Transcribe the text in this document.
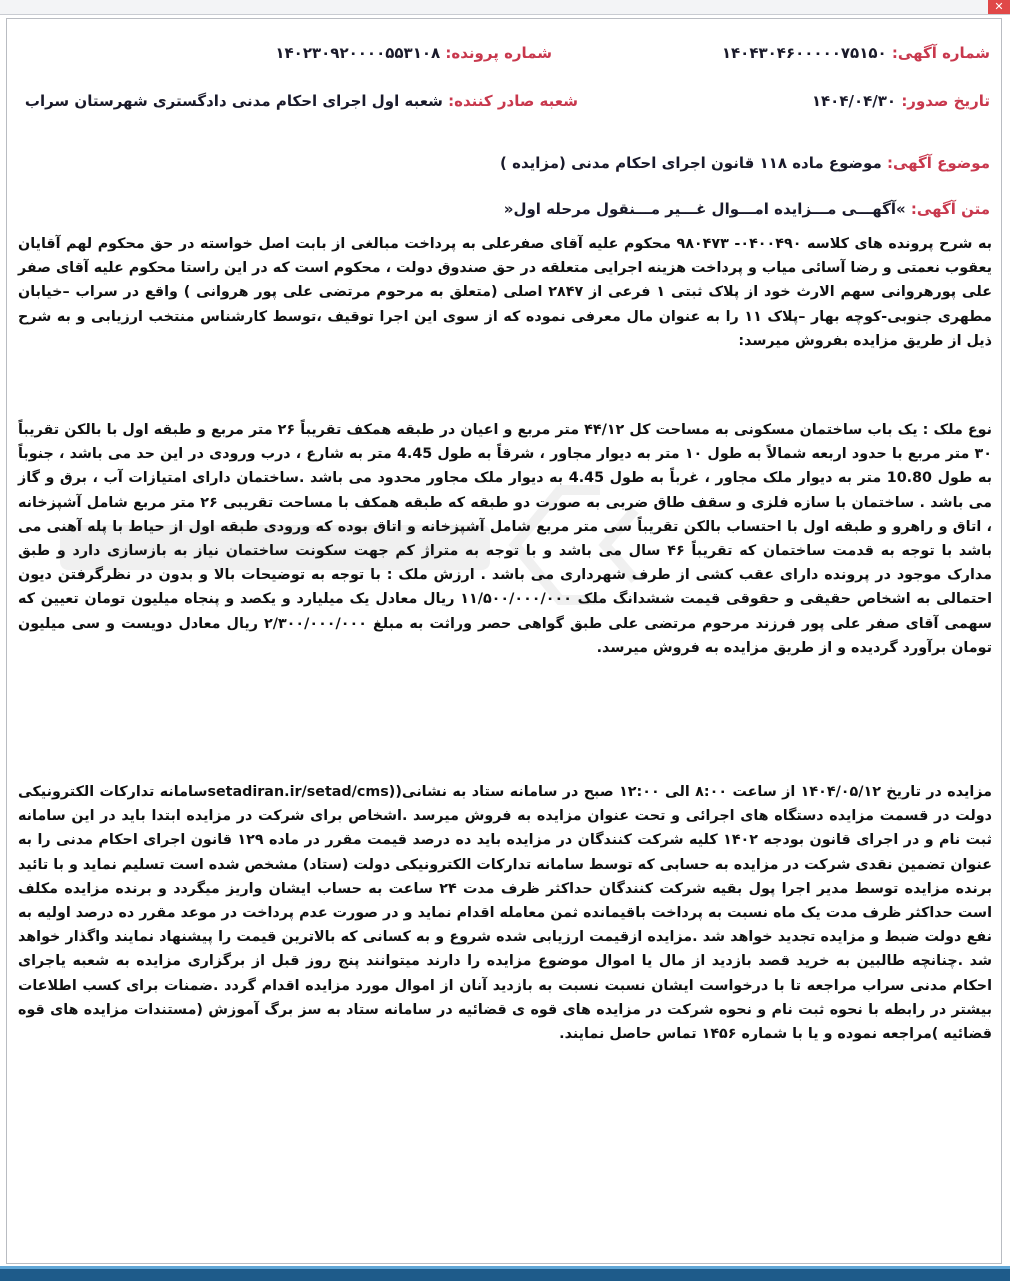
✕
شماره آگهی: ۱۴۰۴۳۰۴۶۰۰۰۰۰۷۵۱۵۰
شماره پرونده: ۱۴۰۲۳۰۹۲۰۰۰۰۵۵۳۱۰۸
تاریخ صدور: ۱۴۰۴/۰۴/۳۰
شعبه صادر کننده: شعبه اول اجرای احکام مدنی دادگستری شهرستان سراب
موضوع آگهی: موضوع ماده ۱۱۸ قانون اجرای احکام مدنی (مزایده )
متن آگهی: »آگهـــی مـــزایده امـــوال غـــیر مـــنقول مرحله اول«

به شرح پرونده های کلاسه ۰۴۰۰۴۹۰- ۹۸۰۴۷۳ محکوم علیه آقای صفرعلی به پرداخت مبالغی از بابت اصل خواسته در حق محکوم لهم آقایان یعقوب نعمتی و رضا آسائی میاب و پرداخت هزینه اجرایی متعلقه در حق صندوق دولت ، محکوم است که در این راستا محکوم علیه آقای صفر علی پورهروانی سهم الارث خود از پلاک ثبتی ۱ فرعی از ۲۸۴۷ اصلی (متعلق به مرحوم مرتضی علی پور هروانی ) واقع در سراب –خیابان مطهری جنوبی-کوچه بهار –پلاک ۱۱ را به عنوان مال معرفی نموده که از سوی این اجرا توقیف ،توسط کارشناس منتخب ارزیابی و به شرح ذیل از طریق مزایده بفروش میرسد:

نوع ملک : یک باب ساختمان مسکونی به مساحت کل ۴۴/۱۲ متر مربع و اعیان در طبقه همکف تقریباً ۲۶ متر مربع و طبقه اول با بالکن تقریباً ۳۰ متر مربع با حدود اربعه شمالاً به طول ۱۰ متر به دیوار مجاور ، شرقاً به طول 4.45 متر به شارع ، درب ورودی در این حد می باشد ، جنوباً به طول 10.80 متر به دیوار ملک مجاور ، غرباً به طول 4.45 به دیوار ملک مجاور محدود می باشد .ساختمان دارای امتیازات آب ، برق و گاز می باشد . ساختمان با سازه فلزی و سقف طاق ضربی به صورت دو طبقه که طبقه همکف با مساحت تقریبی ۲۶ متر مربع شامل آشپزخانه ، اتاق و راهرو و طبقه اول با احتساب بالکن تقریباً سی متر مربع شامل آشپزخانه و اتاق بوده که ورودی طبقه اول از حیاط با پله آهنی می باشد با توجه به قدمت ساختمان که تقریباً ۴۶ سال می باشد و با توجه به متراژ کم جهت سکونت ساختمان نیاز به بازسازی دارد و طبق مدارک موجود در پرونده دارای عقب کشی از طرف شهرداری می باشد . ارزش ملک : با توجه به توضیحات بالا و بدون در نظرگرفتن دیون احتمالی به اشخاص حقیقی و حقوقی قیمت ششدانگ ملک ۱۱/۵۰۰/۰۰۰/۰۰۰ ریال معادل یک میلیارد و یکصد و پنجاه میلیون تومان تعیین که سهمی آقای صفر علی پور فرزند مرحوم مرتضی علی طبق گواهی حصر وراثت به مبلغ ۲/۳۰۰/۰۰۰/۰۰۰ ریال معادل دویست و سی میلیون تومان برآورد گردیده و از طریق مزایده به فروش میرسد.

مزایده در تاریخ ۱۴۰۴/۰۵/۱۲ از ساعت ۸:۰۰ الی ۱۲:۰۰ صبح در سامانه ستاد به نشانی((setadiran.ir/setad/cmsسامانه تدارکات الکترونیکی دولت در قسمت مزایده دستگاه های اجرائی و تحت عنوان مزایده به فروش میرسد .اشخاص برای شرکت در مزایده ابتدا باید در این سامانه ثبت نام و در اجرای قانون بودجه ۱۴۰۲ کلیه شرکت کنندگان در مزایده باید ده درصد قیمت مقرر در ماده ۱۲۹ قانون اجرای احکام مدنی را به عنوان تضمین نقدی شرکت در مزایده به حسابی که توسط سامانه تدارکات الکترونیکی دولت (ستاد) مشخص شده است تسلیم نماید و با تائید برنده مزایده توسط مدیر اجرا پول بقیه شرکت کنندگان حداکثر ظرف مدت ۲۴ ساعت به حساب ایشان واریز میگردد و برنده مزایده مکلف است حداکثر ظرف مدت یک ماه نسبت به پرداخت باقیمانده ثمن معامله اقدام نماید و در صورت عدم پرداخت در موعد مقرر ده درصد اولیه به نفع دولت ضبط و مزایده تجدید خواهد شد .مزایده ازقیمت ارزیابی شده شروع و به کسانی که بالاترین قیمت را پیشنهاد نمایند واگذار خواهد شد .چنانچه طالبین به خرید قصد بازدید از مال یا اموال موضوع مزایده را دارند میتوانند پنج روز قبل از برگزاری مزایده به شعبه یاجرای احکام مدنی سراب مراجعه تا با درخواست ایشان نسبت نسبت به بازدید آنان از اموال مورد مزایده اقدام گردد .ضمنات برای کسب اطلاعات بیشتر در رابطه با نحوه ثبت نام و نحوه شرکت در مزایده های قوه ی قضائیه در سامانه ستاد به سز برگ آموزش (مستندات مزایده های قوه قضائیه )مراجعه نموده و یا با شماره ۱۴۵۶ تماس حاصل نمایند.
